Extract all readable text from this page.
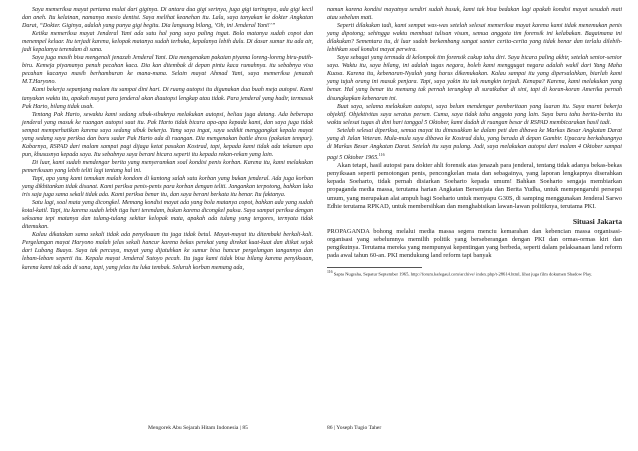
Saya memeriksa mayat pertama mulai dari giginya. Di antara dua gigi serinya, juga gigi taringnya, ada gigi kecil dan aneh. Itu kelainan, namanya mesio dentist. Saya melihat keanehan itu. Lalu, saya tanyakan ke dokter Angkatan Darat, “Dokter. Giginya, adalah yang punya gigi begitu. Dia langsung bilang, ‘Oh, ini Jenderal Yani!’”

Ketika memeriksa mayat Jenderal Yani ada satu hal yang saya paling ingat. Bola matanya sudah copot dan menempel keluar. Itu terjadi karena, kelopak matanya sudah terbuka, kepalanya lebih dulu. Di dasar sumur itu ada air, jadi kepalanya terendam di sana.

Saya juga masih bisa mengenali jenazah Jenderal Yani. Dia mengenakan pakaian piyama loreng-loreng biru-putih-biru. Kemeja piyamanya penuh pecahan kaca. Dia kan ditembak di depan pintu kaca rumahnya. itu sebabnya visa pecahan kacanya masih berhamburan ke mana-mana. Selain mayat Ahmad Yani, saya memeriksa jenazah M.T.Haryono.

Kami bekerja sepanjang malam itu sampai dini hari. Di ruang autopsi itu digunakan dua buah meja autopsi. Kami tanyakan waktu itu, apakah mayat para jenderal akan diautopsi lengkap atau tidak. Para jenderal yang hadir, termasuk Pak Harto, bilang tidak usah.

Tentang Pak Harto, sewaktu kami sedang sibuk-sibuknya melakukan autopsi, beliau juga datang. Ada beberapa jenderal yang masuk ke ruangan autopsi saat itu. Pak Harto tidak bicara apa-apa kepada kami, dan saya juga tidak sempat memperhatikan karena saya sedang sibuk bekerja. Yang saya ingat, saya sedikit menggangkat kepala mayat yang sedang saya periksa dan baru sadar Pak Harto ada di ruangan. Dia mengenakan battle dress (pakaian tempur). Kabarnya, RSPAD dari malam sampai pagi dijaga ketat pasukan Kostrad, tapi, kepada kami tidak ada tekanan apa pun, khususnya kepada saya. Itu sebabnya saya berani bicara seperti itu kepada rekan-rekan yang lain.

Di luar, kami sudah mendengar berita yang menyeramkan soal kondisi penis korban. Karena itu, kami melakukan pemeriksaan yang lebih teliti lagi tentang hal ini.

Tapi, apa yang kami temukan malah kondom di kantong salah satu korban yang bukan jenderal. Ada juga korban yang dikhitankan tidak disunat. Kami periksa penis-penis para korban dengan teliti. Jangankan terpotong, bahkan luka iris saja juga sama sekali tidak ada. Kami periksa benar itu, dan saya berani berkata itu benar. Itu faktanya.

Satu lagi, soal mata yang dicongkel. Memang kondisi mayat ada yang bola matanya copot, bahkan ada yang sudah kotal-katil. Tapi, itu karena sudah lebih tiga hari terendam, bukan karena dicongkel paksa. Saya sampai periksa dengan seksama tepi matanya dan tulang-tulang sekitar kelopak mata, apakah ada tulang yang tergores, ternyata tidak ditemukan.

Kalau dikatakan sama sekali tidak ada penyiksaan itu juga tidak betul. Mayat-mayat itu ditembaki berkali-kali. Pergelangan mayat Haryono malah jelas sekali hancur karena bekas perekat yang direkat kuat-kuat dan diikat sejak dari Lubang Buaya. Saya tak percaya, mayat yang dijatuhkan ke sumur bisa hancur pergelangan tangannya dan lebam-lebam seperti itu. Kepala mayat Jenderal Sutoyo pecah. Itu juga kami tidak bisa bilang karena penyiksaan, karena kami tak ada di sana, tapi, yang jelas itu luka tembak. Seluruh korban memang ada,

Mengorek Abu Sejarah Hitam Indonesia | 85

namun karena kondisi mayatnya sendiri sudah busuk, kami tak bisa bedakan lagi apakah kondisi mayat sesudah mati atau sebelum mati.

Seperti dilakukan tadi, kami sempat was-was setelah selesai memeriksa mayat karena kami tidak menemukan penis yang dipotong; sehingga waktu membuat tulisan visum, semua anggota tim forensik ini kelabakan. Bagaimana ini dilakukan? Sementara itu, di luar sudah berkembang sangat santer cerita-cerita yang tidak benar dan terlalu dilebih-lebihkan soal kondisi mayat perwira.

Saya sebagai yang termuda di kelompok tim forensik cukup tahu diri. Saya bicara paling akhir, setelah senior-senior saya. Waktu itu, saya bilang, ini adalah tugas negara, boleh kami menggugat negara adalah wakil dari Yang Maha Kuasa. Karena itu, kebenaran-Nyalah yang harus dikemukakan. Kalau sampai itu yang dipersalahkan, biarlah kami yang tujuh orang ini masuk penjara. Tapi, saya yakin itu tak mungkin terjadi. Kenapa? Karena, kami melakukan yang benar. Hal yang benar itu memang tak pernah terungkap di suratkabar di sini, tapi di koran-koran Amerika pernah disungkapkan kebenaran ini.

Buat saya, selama melakukan autopsi, saya belum mendengar pemberitaan yang luaran itu. Saya murni bekerja objektif. Objektivitas saya seratus persen. Cuma, saya tidak tahu anggota yang lain. Saya baru tahu berita-berita itu waktu selesai tugas di dini hari tanggal 5 Oktober, kami dudah di ruangan besar di RSPAD membicarakan hasil tadi.

Setelah selesai diperiksa, semua mayat itu dimasukkan ke dalam peti dan dibawa ke Markas Besar Angkatan Darat yang di Jalan Veteran. Mula-mula saya dibawa ke Kostrad dulu, yang berada di depan Gambir. Upacara berkabungnya di Markas Besar Angkatan Darat. Setelah itu saya pulang. Jadi, saya melakukan autopsi dari malam 4 Oktober sampai pagi 5 Oktober 1965.$^{116}$

Akan tetapi, hasil autopsi para dokter ahli forensik atas jenazah para jenderal, tentang tidak adanya bekas-bekas penyiksaan seperti pemotongan penis, pencongkelan mata dan sebagainya, yang laporan lengkapnya diserahkan kepada Soeharto, tidak pernah disiarkan Soeharto kepada umum! Bahkan Soeharto sengaja membiarkan propaganda media massa, terutama harian Angkatan Bersenjata dan Berita Yudha, untuk mempengaruhi persepsi umum, yang merupakan alat ampuh bagi Soeharto untuk menyapu G30S, di samping menggunakan Jenderal Sarwo Edhie terutama RPKAD, untuk membersihkan dan menghabisikan lawan-lawan politiknya, terutama PKI.

Situasi Jakarta

PROPAGANDA bohong melalui media massa segera menciu kemarahan dan kebencian massa organisasi-organisasi yang sebelumnya memilih politik yang berseberangan dengan PKI dan ormas-ormas kiri dan pengikutnya. Terutama mereka yang mempunyai kepentingan yang berbeda, seperti dalam pelaksanaan land reform pada awal tahun 60-an. PKI mendukung land reform tapi banyak

$^{116}$ Sapta Nugraha, Sepatur September 1965, http://forum.kafegaul.com/archive/ index.php/t-28614.html, lihat juga film dokumen Shadow Play.
86 | Yoseph Tugio Taher
